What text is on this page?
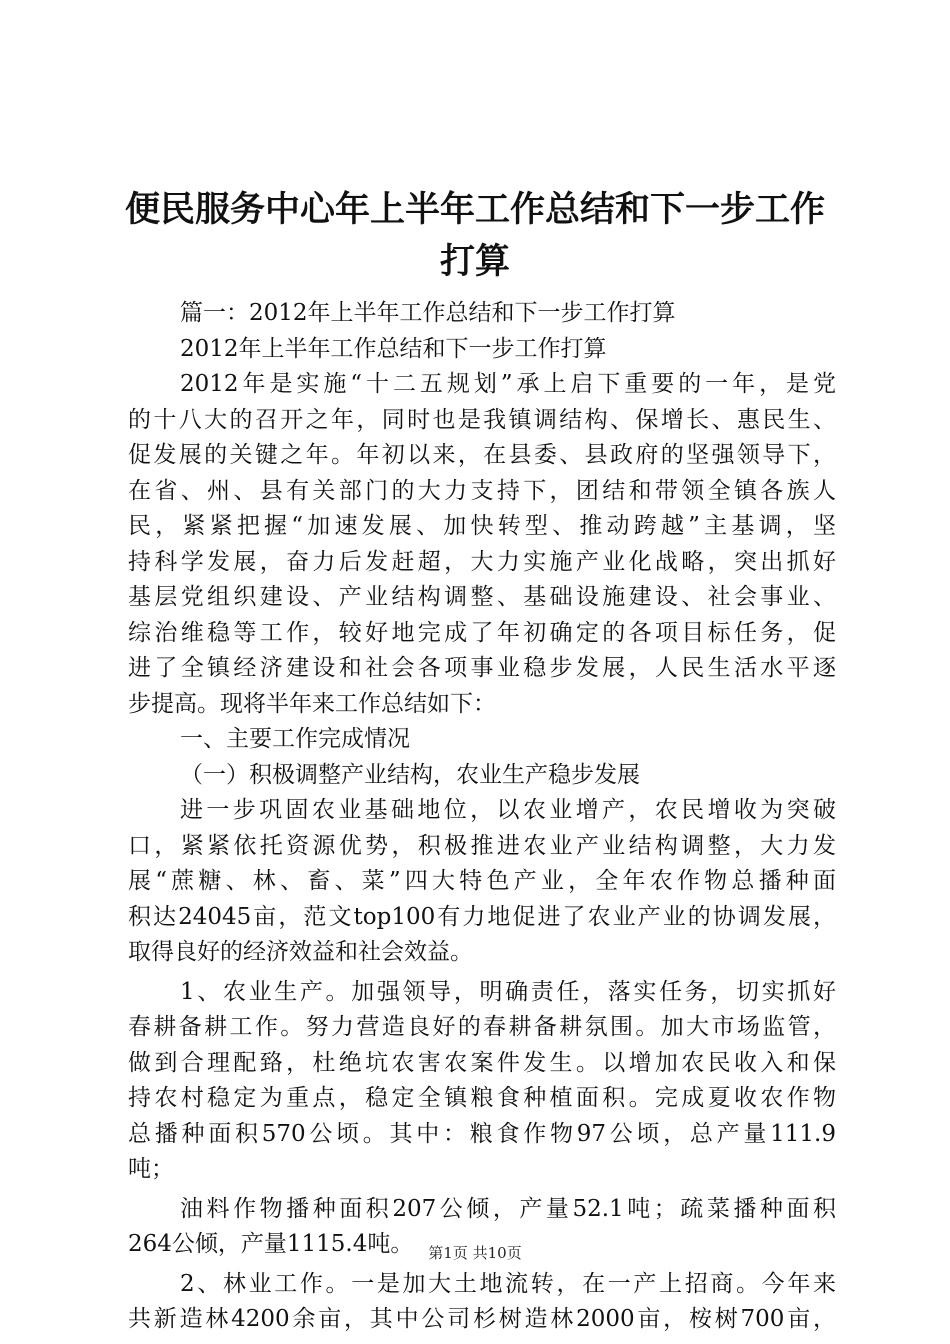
便民服务中心年上半年工作总结和下一步工作
打算
篇一：2012年上半年工作总结和下一步工作打算
2012年上半年工作总结和下一步工作打算
2012年是实施“十二五规划”承上启下重要的一年，是党
的十八大的召开之年，同时也是我镇调结构、保增长、惠民生、
促发展的关键之年。年初以来，在县委、县政府的坚强领导下，
在省、州、县有关部门的大力支持下，团结和带领全镇各族人
民，紧紧把握“加速发展、加快转型、推动跨越”主基调，坚
持科学发展，奋力后发赶超，大力实施产业化战略，突出抓好
基层党组织建设、产业结构调整、基础设施建设、社会事业、
综治维稳等工作，较好地完成了年初确定的各项目标任务，促
进了全镇经济建设和社会各项事业稳步发展，人民生活水平逐
步提高。现将半年来工作总结如下：
一、主要工作完成情况
（一）积极调整产业结构，农业生产稳步发展
进一步巩固农业基础地位，以农业增产，农民增收为突破
口，紧紧依托资源优势，积极推进农业产业结构调整，大力发
展“蔗糖、林、畜、菜”四大特色产业，全年农作物总播种面
积达24045亩，范文top100有力地促进了农业产业的协调发展，
取得良好的经济效益和社会效益。
1、农业生产。加强领导，明确责任，落实任务，切实抓好
春耕备耕工作。努力营造良好的春耕备耕氛围。加大市场监管，
做到合理配臵，杜绝坑农害农案件发生。以增加农民收入和保
持农村稳定为重点，稳定全镇粮食种植面积。完成夏收农作物
总播种面积570公顷。其中：粮食作物97公顷，总产量111.9
吨；
油料作物播种面积207公倾，产量52.1吨；疏菜播种面积
264公倾，产量1115.4吨。
2、林业工作。一是加大土地流转，在一产上招商。今年来
共新造林4200余亩，其中公司杉树造林2000亩，桉树700亩，
第1页 共10页
